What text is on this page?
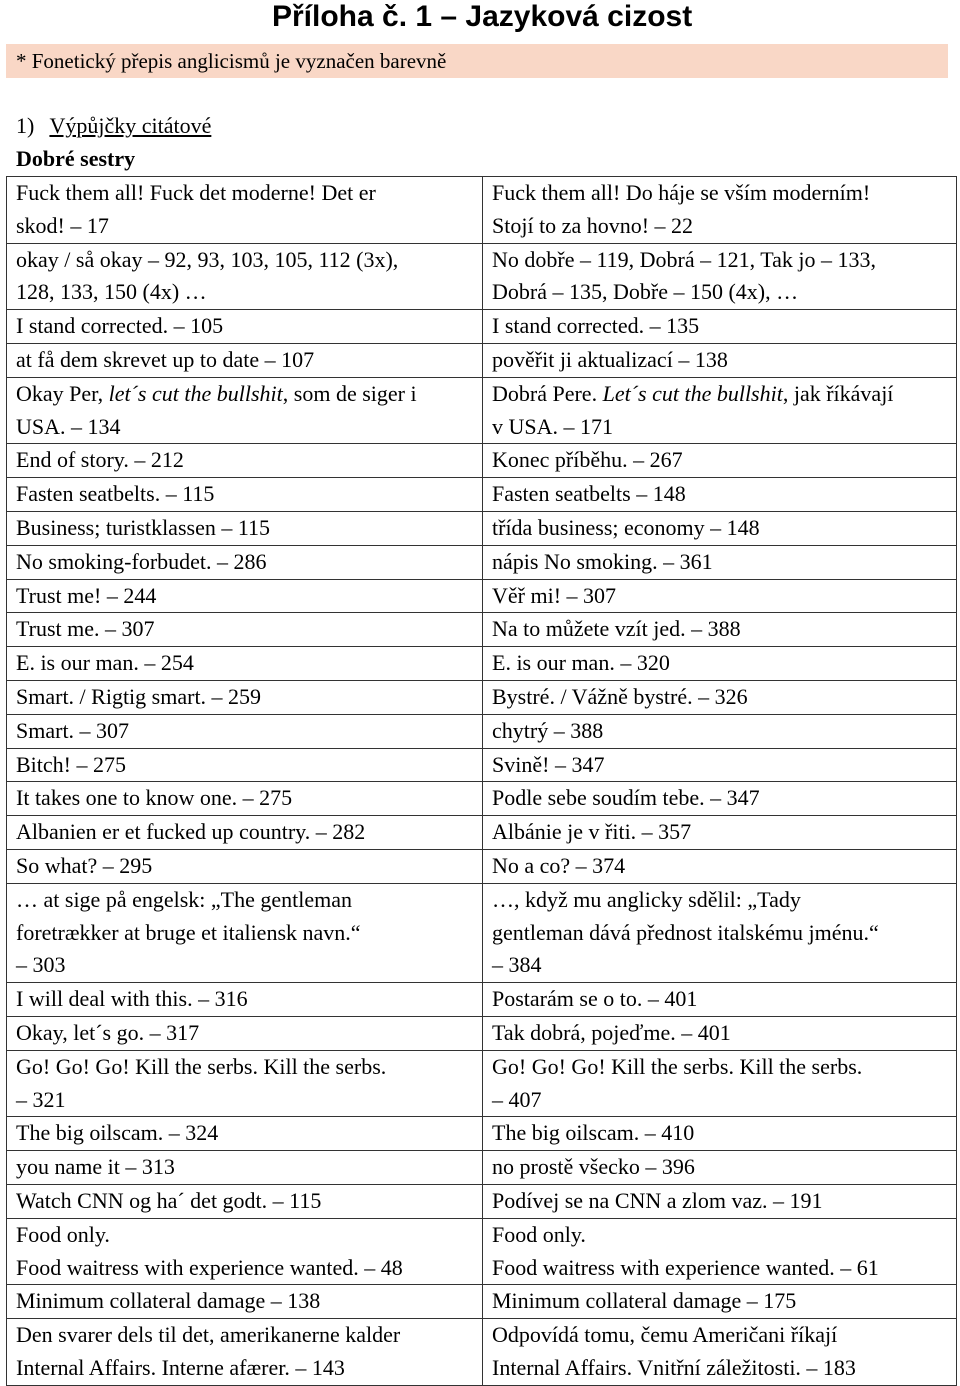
Příloha č. 1 – Jazyková cizost
* Fonetický přepis anglicismů je vyznačen barevně
1) Výpůjčky citátové
Dobré sestry
Fuck them all! Fuck det moderne! Det er
skod! – 17	Fuck them all! Do háje se vším moderním!
Stojí to za hovno! – 22

okay / så okay – 92, 93, 103, 105, 112 (3x),
128, 133, 150 (4x) …	No dobře – 119, Dobrá – 121, Tak jo – 133,
Dobrá – 135, Dobře – 150 (4x), …

I stand corrected. – 105	I stand corrected. – 135

at få dem skrevet up to date – 107	pověřit ji aktualizací – 138

Okay Per, let´s cut the bullshit, som de siger i
USA. – 134	Dobrá Pere. Let´s cut the bullshit, jak říkávají
v USA. – 171

End of story. – 212	Konec příběhu. – 267

Fasten seatbelts. – 115	Fasten seatbelts – 148

Business; turistklassen – 115	třída business; economy – 148

No smoking-forbudet. – 286	nápis No smoking. – 361

Trust me! – 244	Věř mi! – 307

Trust me. – 307	Na to můžete vzít jed. – 388

E. is our man. – 254	E. is our man. – 320

Smart. / Rigtig smart. – 259	Bystré. / Vážně bystré. – 326

Smart. – 307	chytrý – 388

Bitch! – 275	Svině! – 347

It takes one to know one. – 275	Podle sebe soudím tebe. – 347

Albanien er et fucked up country. – 282	Albánie je v řiti. – 357

So what? – 295	No a co? – 374

… at sige på engelsk: „The gentleman
foretrækker at bruge et italiensk navn.“
– 303	…, když mu anglicky sdělil: „Tady
gentleman dává přednost italskému jménu.“
– 384

I will deal with this. – 316	Postarám se o to. – 401

Okay, let´s go. – 317	Tak dobrá, pojeďme. – 401

Go! Go! Go! Kill the serbs. Kill the serbs.
– 321	Go! Go! Go! Kill the serbs. Kill the serbs.
– 407

The big oilscam. – 324	The big oilscam. – 410

you name it – 313	no prostě všecko – 396

Watch CNN og ha´ det godt. – 115	Podívej se na CNN a zlom vaz. – 191

Food only.
Food waitress with experience wanted. – 48	Food only.
Food waitress with experience wanted. – 61

Minimum collateral damage – 138	Minimum collateral damage – 175

Den svarer dels til det, amerikanerne kalder
Internal Affairs. Interne afærer. – 143	Odpovídá tomu, čemu Američani říkají
Internal Affairs. Vnitřní záležitosti. – 183
